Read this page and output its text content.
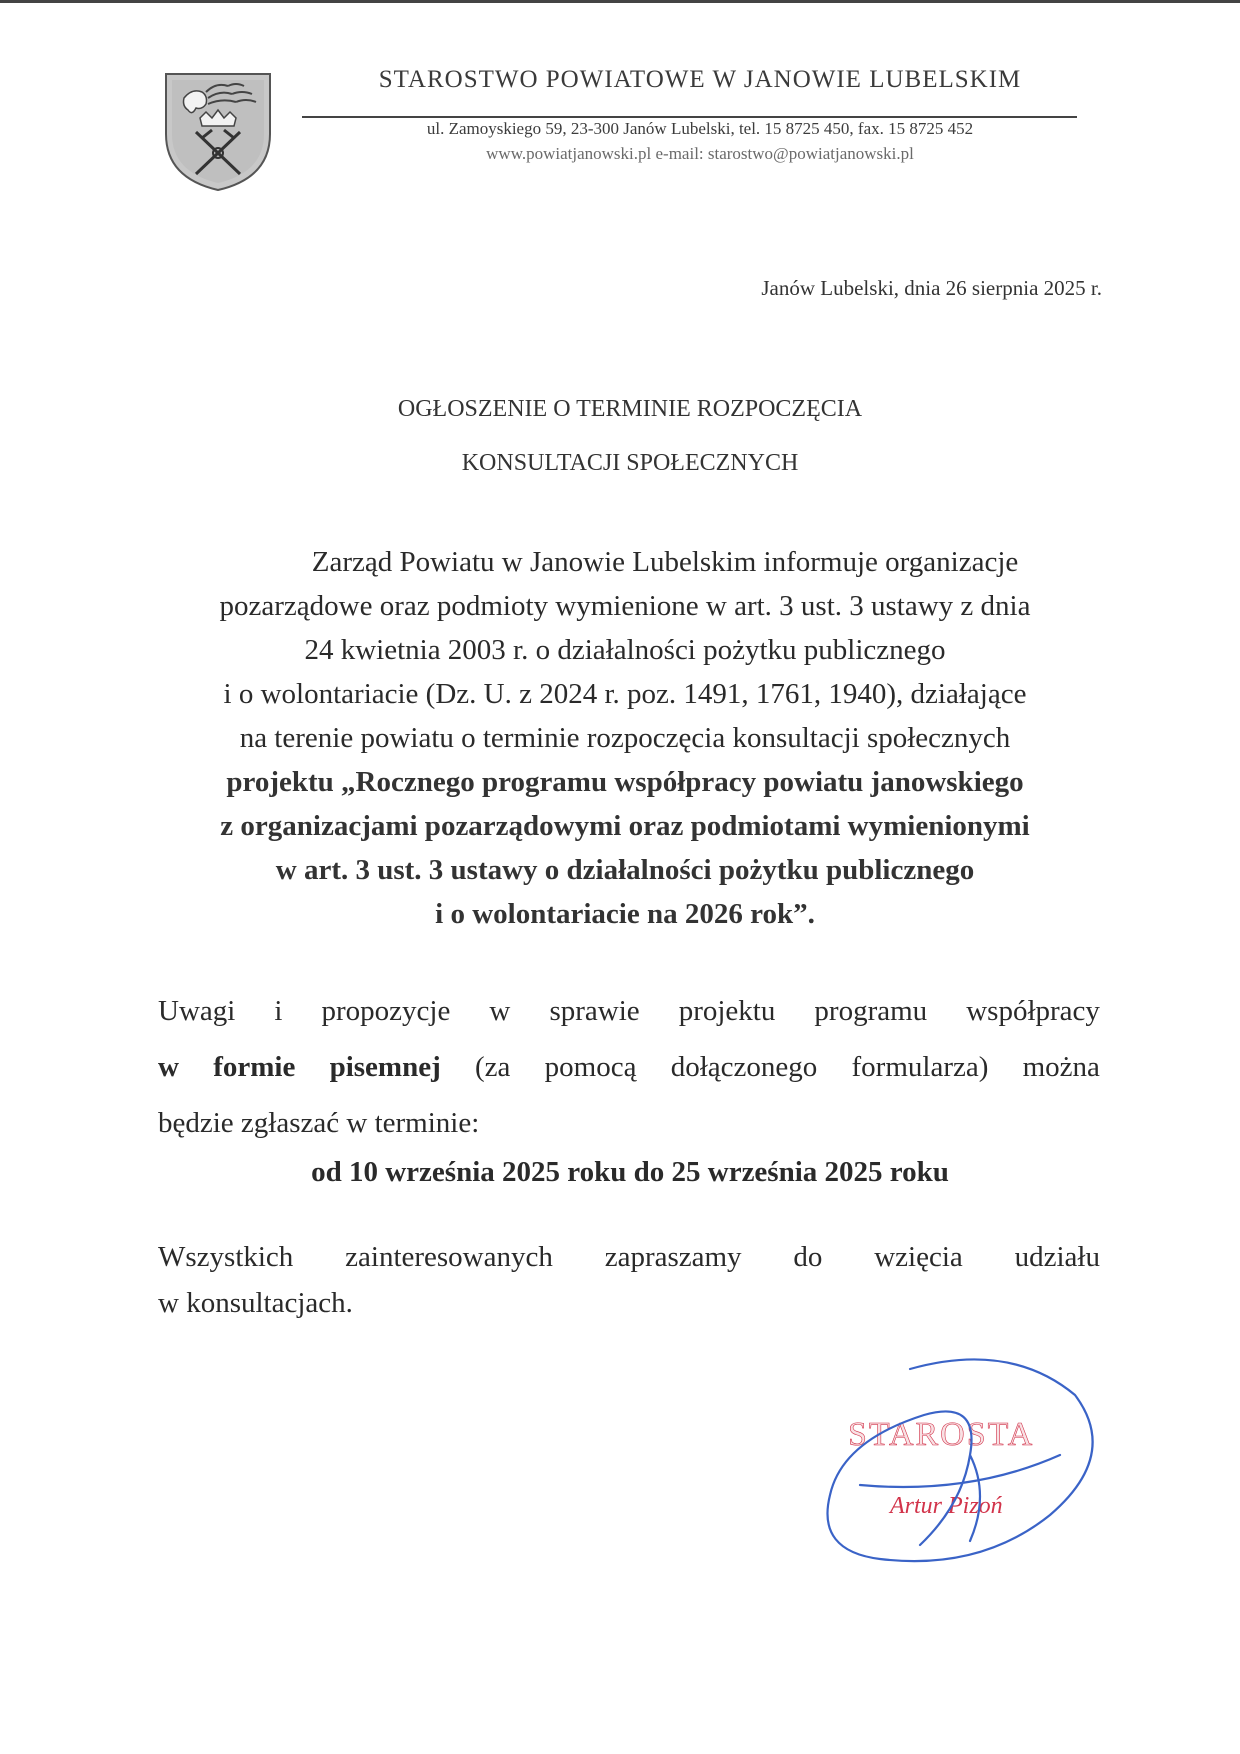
STAROSTWO POWIATOWE W JANOWIE LUBELSKIM
ul. Zamoyskiego 59, 23-300 Janów Lubelski, tel. 15 8725 450, fax. 15 8725 452
www.powiatjanowski.pl e-mail: starostwo@powiatjanowski.pl
Janów Lubelski, dnia 26 sierpnia 2025 r.
OGŁOSZENIE O TERMINIE ROZPOCZĘCIA
KONSULTACJI SPOŁECZNYCH
Zarząd Powiatu w Janowie Lubelskim informuje organizacje
pozarządowe oraz podmioty wymienione w art. 3 ust. 3 ustawy z dnia
24 kwietnia 2003 r. o działalności pożytku publicznego
i o wolontariacie (Dz. U. z 2024 r. poz. 1491, 1761, 1940), działające
na terenie powiatu o terminie rozpoczęcia konsultacji społecznych
projektu „Rocznego programu współpracy powiatu janowskiego
z organizacjami pozarządowymi oraz podmiotami wymienionymi
w art. 3 ust. 3 ustawy o działalności pożytku publicznego
i o wolontariacie na 2026 rok”.
Uwagi i propozycje w sprawie projektu programu współpracy
w formie pisemnej (za pomocą dołączonego formularza) można
będzie zgłaszać w terminie:
od 10 września 2025 roku do 25 września 2025 roku
Wszystkich zainteresowanych zapraszamy do wzięcia udziału
w konsultacjach.
STAROSTA
Artur Pizoń
